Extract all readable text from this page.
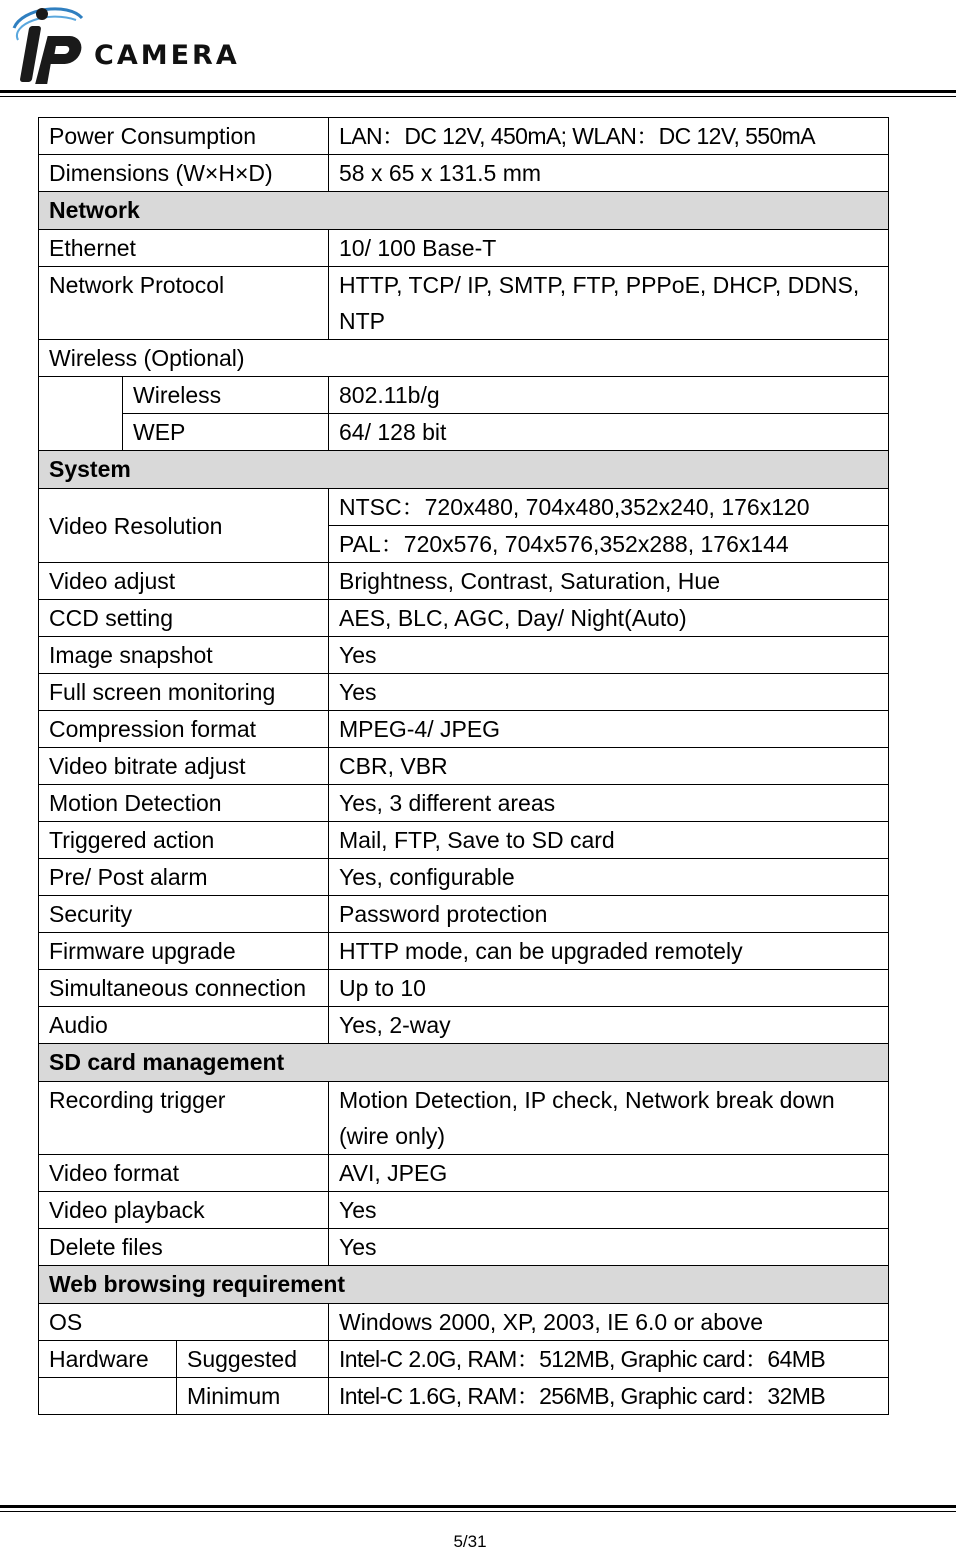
CAMERA
Power Consumption			LAN：DC 12V, 450mA; WLAN：DC 12V, 550mA
Dimensions (W×H×D)			58 x 65 x 131.5 mm
Network			
Ethernet			10/ 100 Base-T
Network Protocol			HTTP, TCP/ IP, SMTP, FTP, PPPoE, DHCP, DDNS, NTP
Wireless (Optional)			
	Wireless		802.11b/g
	WEP		64/ 128 bit
System			
Video Resolution			NTSC：720x480, 704x480,352x240, 176x120
			PAL：720x576, 704x576,352x288, 176x144
Video adjust			Brightness, Contrast, Saturation, Hue
CCD setting			AES, BLC, AGC, Day/ Night(Auto)
Image snapshot			Yes
Full screen monitoring			Yes
Compression format			MPEG-4/ JPEG
Video bitrate adjust			CBR, VBR
Motion Detection			Yes, 3 different areas
Triggered action			Mail, FTP, Save to SD card
Pre/ Post alarm			Yes, configurable
Security			Password protection
Firmware upgrade			HTTP mode, can be upgraded remotely
Simultaneous connection			Up to 10
Audio			Yes, 2-way
SD card management			
Recording trigger			Motion Detection, IP check, Network break down (wire only)
Video format			AVI, JPEG
Video playback			Yes
Delete files			Yes
Web browsing requirement			
OS			Windows 2000, XP, 2003, IE 6.0 or above
Hardware		Suggested	Intel-C 2.0G, RAM：512MB, Graphic card：64MB
		Minimum	Intel-C 1.6G, RAM：256MB, Graphic card：32MB
5/31
